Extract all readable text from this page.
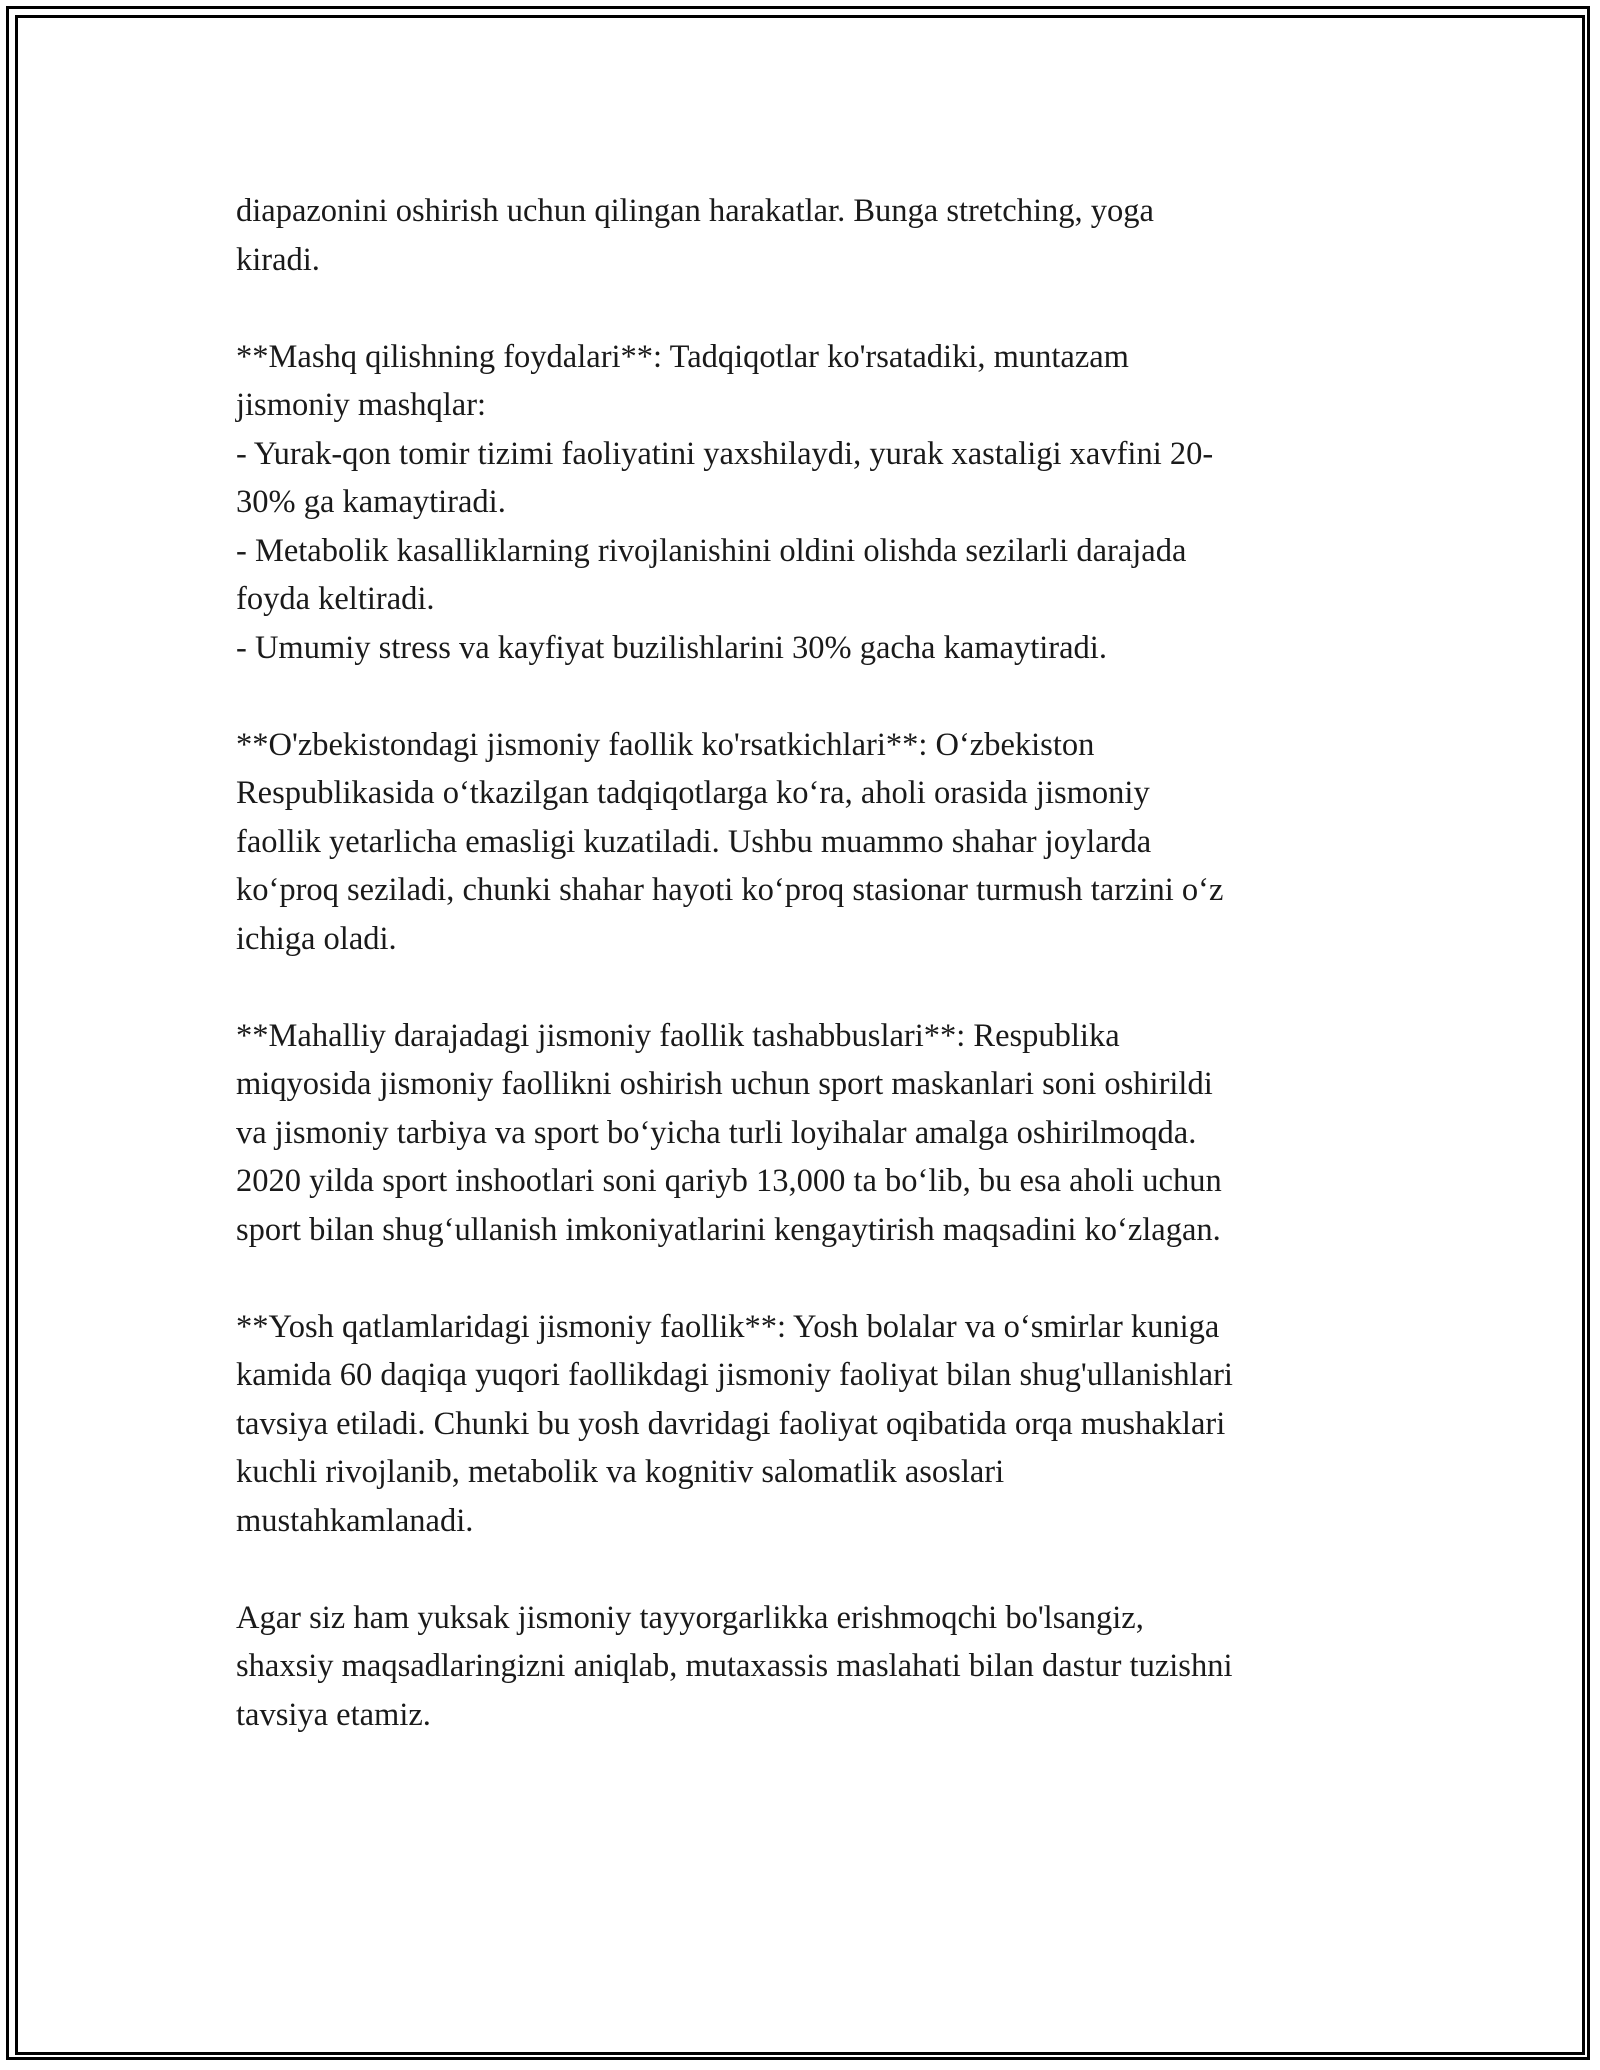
diapazonini oshirish uchun qilingan harakatlar. Bunga stretching, yoga
kiradi.

**Mashq qilishning foydalari**: Tadqiqotlar ko'rsatadiki, muntazam
jismoniy mashqlar:
- Yurak-qon tomir tizimi faoliyatini yaxshilaydi, yurak xastaligi xavfini 20-
30% ga kamaytiradi.
- Metabolik kasalliklarning rivojlanishini oldini olishda sezilarli darajada
foyda keltiradi.
- Umumiy stress va kayfiyat buzilishlarini 30% gacha kamaytiradi.

**O'zbekistondagi jismoniy faollik ko'rsatkichlari**: O‘zbekiston
Respublikasida o‘tkazilgan tadqiqotlarga ko‘ra, aholi orasida jismoniy
faollik yetarlicha emasligi kuzatiladi. Ushbu muammo shahar joylarda
ko‘proq seziladi, chunki shahar hayoti ko‘proq stasionar turmush tarzini o‘z
ichiga oladi.

**Mahalliy darajadagi jismoniy faollik tashabbuslari**: Respublika
miqyosida jismoniy faollikni oshirish uchun sport maskanlari soni oshirildi
va jismoniy tarbiya va sport bo‘yicha turli loyihalar amalga oshirilmoqda.
2020 yilda sport inshootlari soni qariyb 13,000 ta bo‘lib, bu esa aholi uchun
sport bilan shug‘ullanish imkoniyatlarini kengaytirish maqsadini ko‘zlagan.

**Yosh qatlamlaridagi jismoniy faollik**: Yosh bolalar va o‘smirlar kuniga
kamida 60 daqiqa yuqori faollikdagi jismoniy faoliyat bilan shug'ullanishlari
tavsiya etiladi. Chunki bu yosh davridagi faoliyat oqibatida orqa mushaklari
kuchli rivojlanib, metabolik va kognitiv salomatlik asoslari
mustahkamlanadi.

Agar siz ham yuksak jismoniy tayyorgarlikka erishmoqchi bo'lsangiz,
shaxsiy maqsadlaringizni aniqlab, mutaxassis maslahati bilan dastur tuzishni
tavsiya etamiz.
